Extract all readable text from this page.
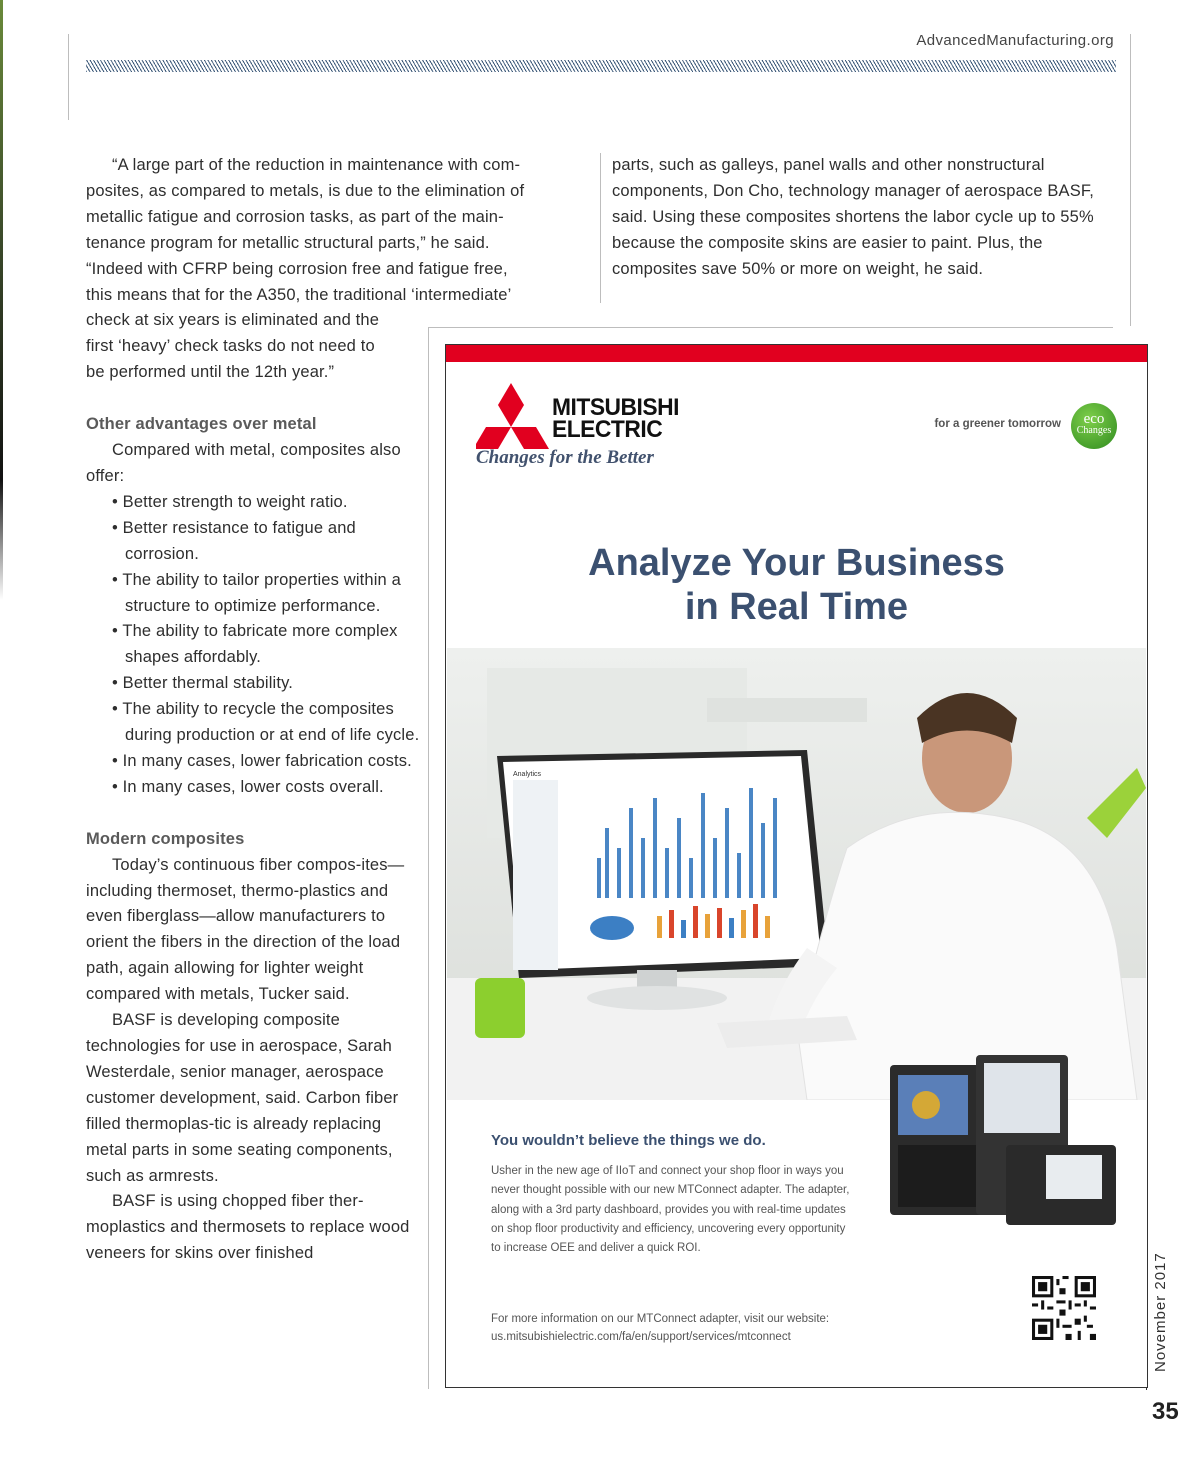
AdvancedManufacturing.org
“A large part of the reduction in maintenance with com-
posites, as compared to metals, is due to the elimination of
metallic fatigue and corrosion tasks, as part of the main-
tenance program for metallic structural parts,” he said.
“Indeed with CFRP being corrosion free and fatigue free,
this means that for the A350, the traditional ‘intermediate’
check at six years is eliminated and the
first ‘heavy’ check tasks do not need to
be performed until the 12th year.”

Other advantages over metal

Compared with metal, composites also offer:

• Better strength to weight ratio.
• Better resistance to fatigue and corrosion.
• The ability to tailor properties within a structure to optimize performance.
• The ability to fabricate more complex shapes affordably.
• Better thermal stability.
• The ability to recycle the composites during production or at end of life cycle.
• In many cases, lower fabrication costs.
• In many cases, lower costs overall.

Modern composites

Today’s continuous fiber compos-ites—including thermoset, thermo-plastics and even fiberglass—allow manufacturers to orient the fibers in the direction of the load path, again allowing for lighter weight compared with metals, Tucker said.

BASF is developing composite technologies for use in aerospace, Sarah Westerdale, senior manager, aerospace customer development, said. Carbon fiber filled thermoplas-tic is already replacing metal parts in some seating components, such as armrests.

BASF is using chopped fiber ther-moplastics and thermosets to replace wood veneers for skins over finished

parts, such as galleys, panel walls and other nonstructural components, Don Cho, technology manager of aerospace BASF, said. Using these composites shortens the labor cycle up to 55% because the composite skins are easier to paint. Plus, the composites save 50% or more on weight, he said.

MITSUBISHI
ELECTRIC
Changes for the Better
for a greener tomorrow	eco
Changes
Analyze Your Business
in Real Time
Analytics
You wouldn’t believe the things we do.
Usher in the new age of IIoT and connect your shop floor in ways you never thought possible with our new MTConnect adapter. The adapter, along with a 3rd party dashboard, provides you with real-time updates on shop floor productivity and efficiency, uncovering every opportunity to increase OEE and deliver a quick ROI.
For more information on our MTConnect adapter, visit our website:
us.mitsubishielectric.com/fa/en/support/services/mtconnect	November 2017
35
